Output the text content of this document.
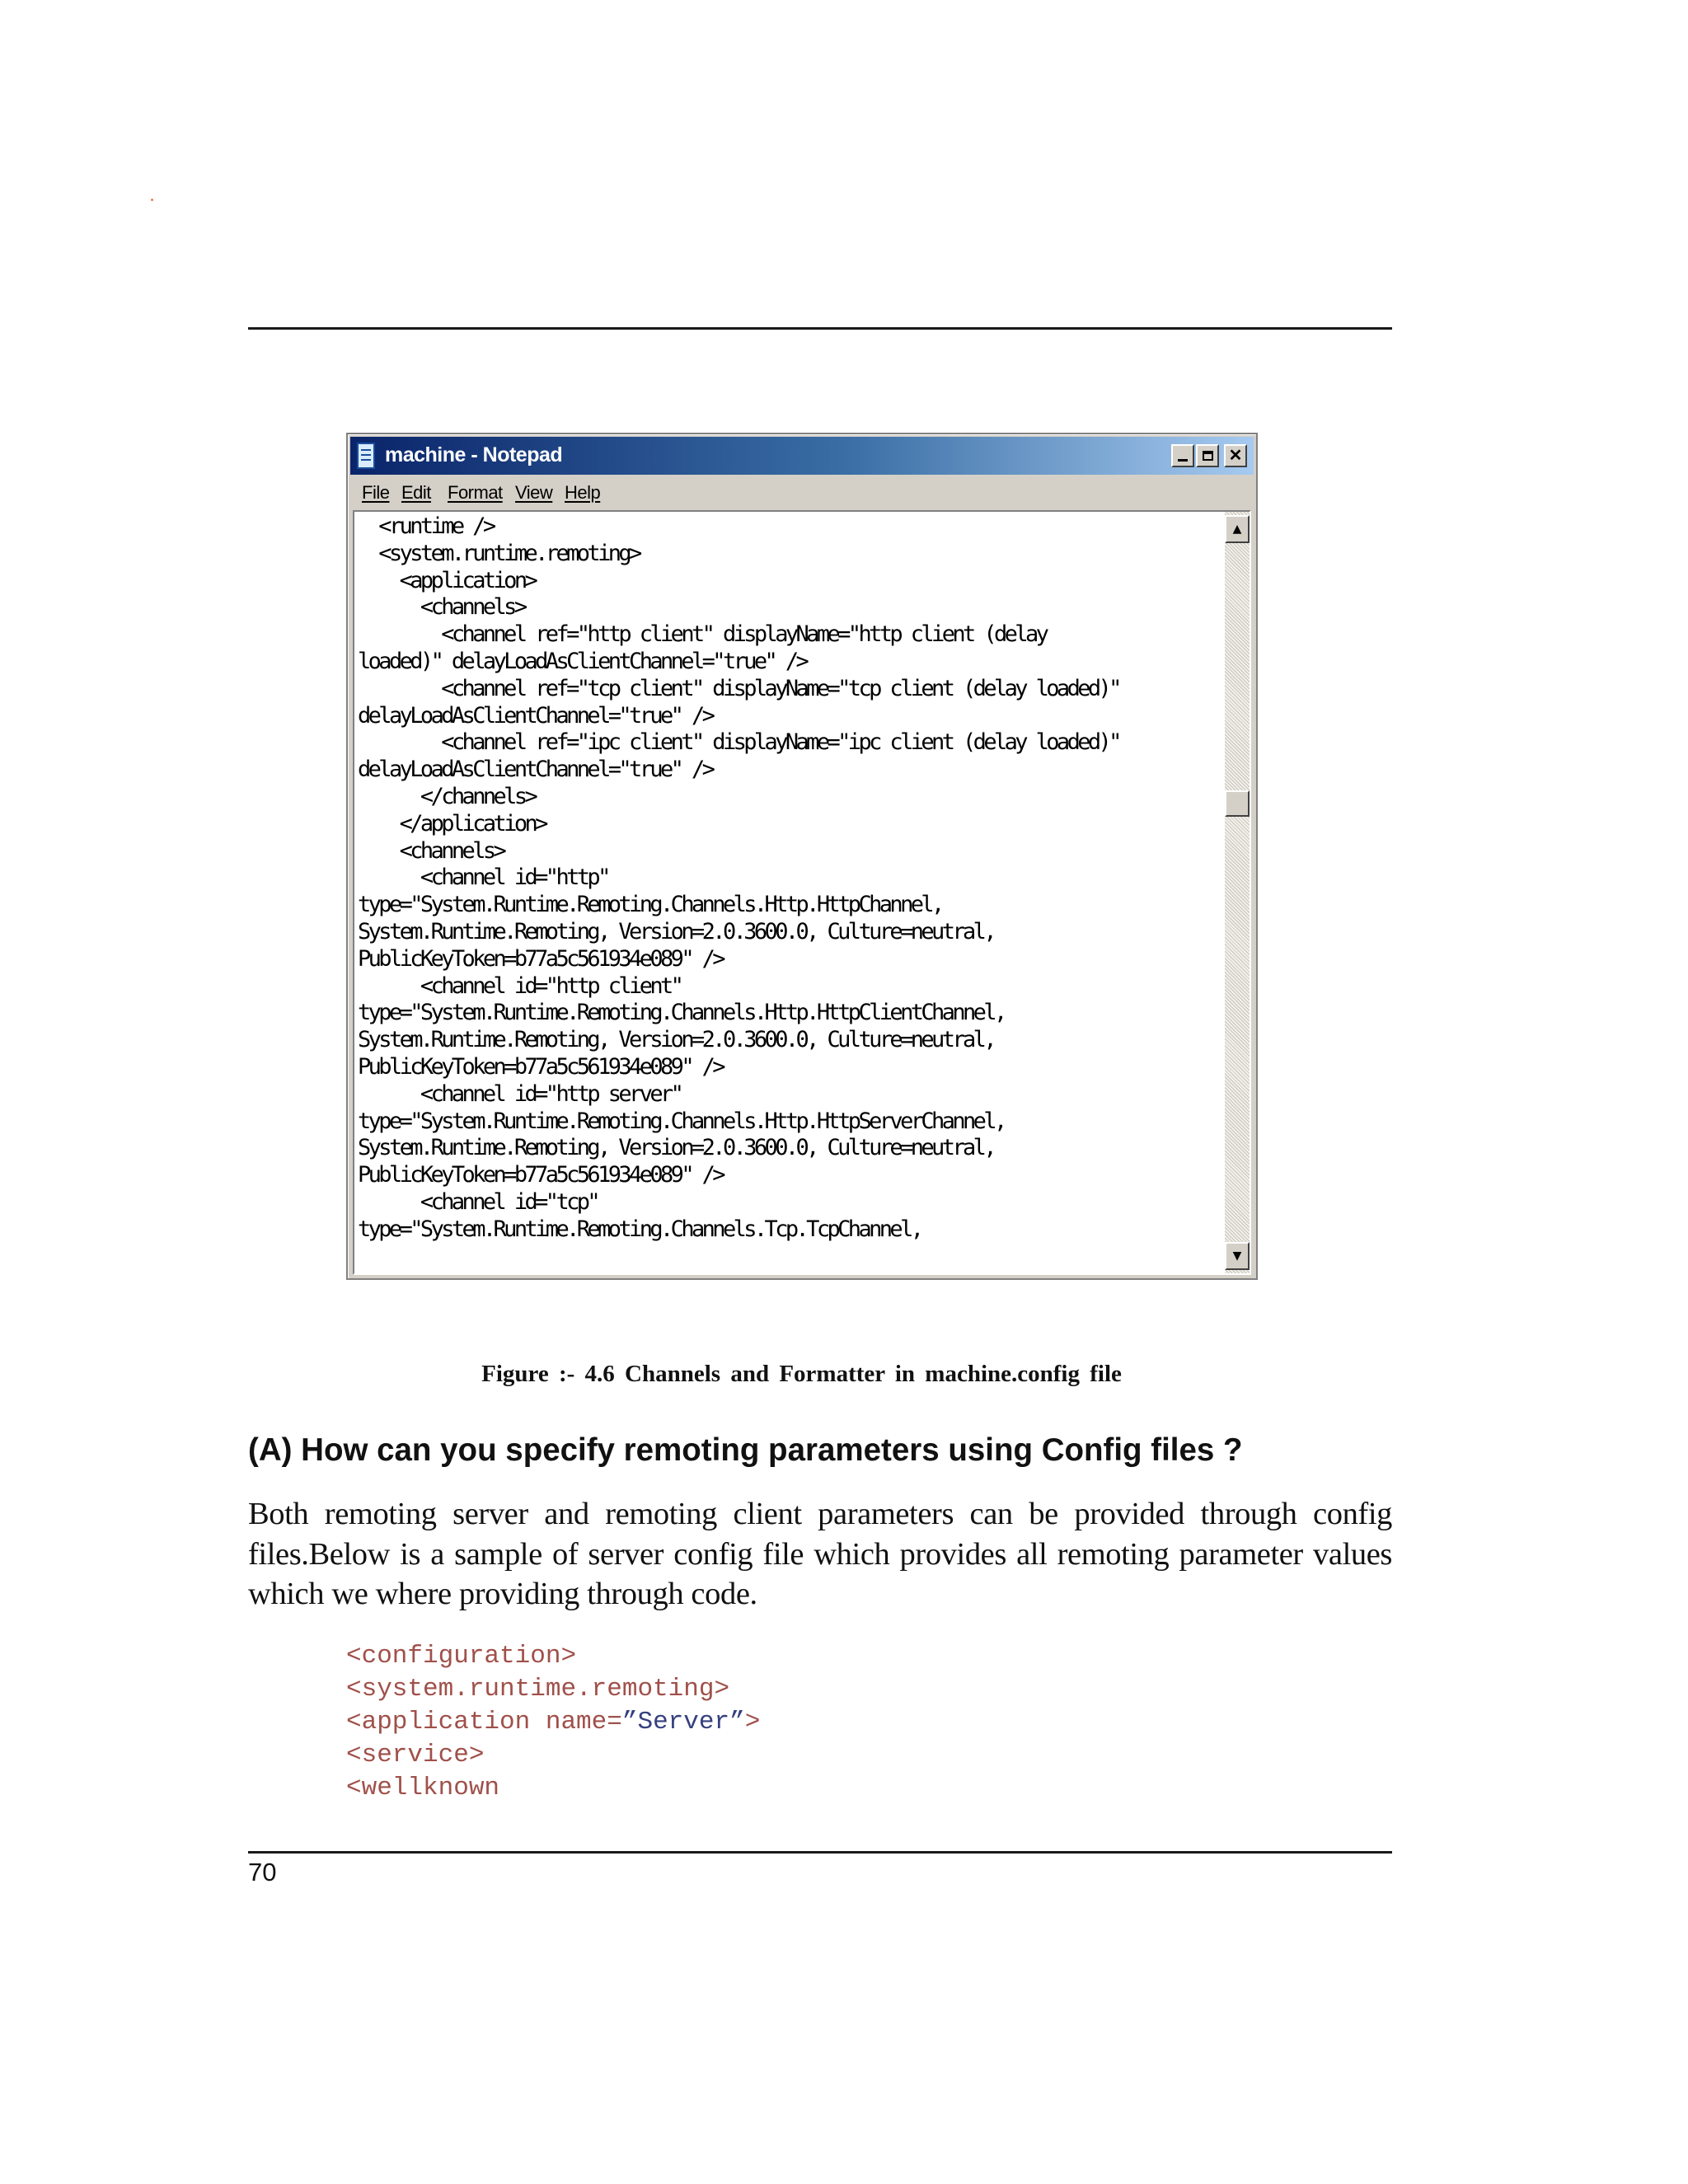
machine - Notepad	✕
File Edit Format View Help
<runtime />
<system.runtime.remoting>
<application>
<channels>
<channel ref="http client" displayName="http client (delay
loaded)" delayLoadAsClientChannel="true" />
<channel ref="tcp client" displayName="tcp client (delay loaded)"
delayLoadAsClientChannel="true" />
<channel ref="ipc client" displayName="ipc client (delay loaded)"
delayLoadAsClientChannel="true" />
</channels>
</application>
<channels>
<channel id="http"
type="System.Runtime.Remoting.Channels.Http.HttpChannel,
System.Runtime.Remoting, Version=2.0.3600.0, Culture=neutral,
PublicKeyToken=b77a5c561934e089" />
<channel id="http client"
type="System.Runtime.Remoting.Channels.Http.HttpClientChannel,
System.Runtime.Remoting, Version=2.0.3600.0, Culture=neutral,
PublicKeyToken=b77a5c561934e089" />
<channel id="http server"
type="System.Runtime.Remoting.Channels.Http.HttpServerChannel,
System.Runtime.Remoting, Version=2.0.3600.0, Culture=neutral,
PublicKeyToken=b77a5c561934e089" />
<channel id="tcp"
type="System.Runtime.Remoting.Channels.Tcp.TcpChannel,
▲
▼
Figure :- 4.6 Channels and Formatter in machine.config file
(A) How can you specify remoting parameters using Config files ?

Both remoting server and remoting client parameters can be provided through config files.Below is a sample of server config file which provides all remoting parameter values which we where providing through code.

<configuration>
<system.runtime.remoting>
<application name=”Server”>
<service>
<wellknown
70
